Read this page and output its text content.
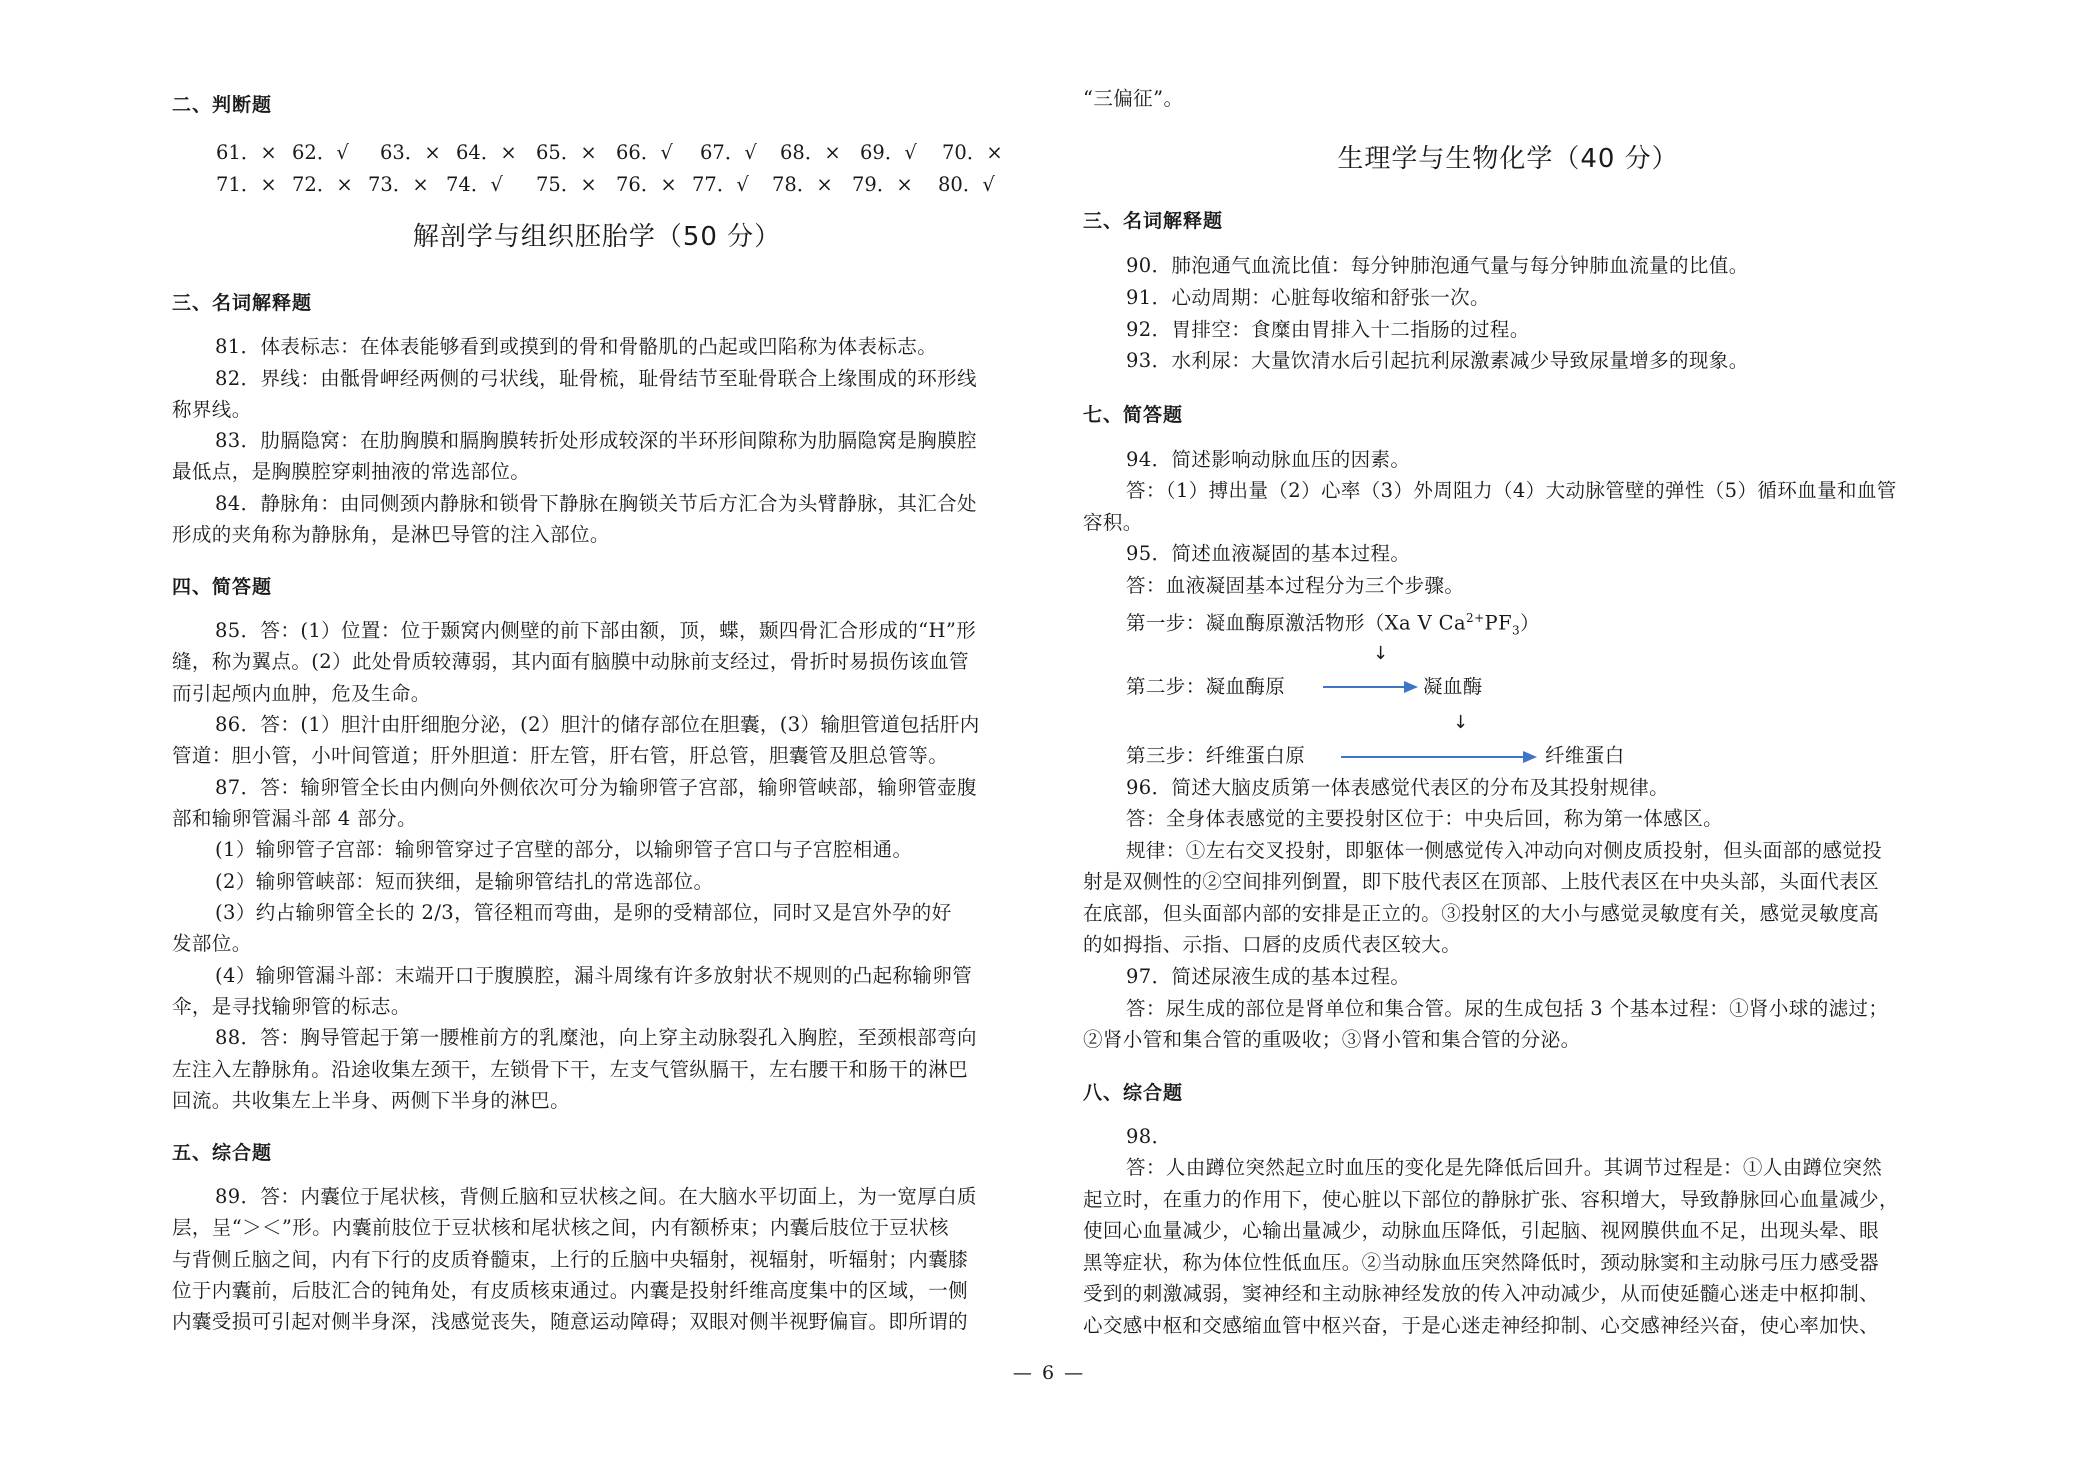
二、判断题
61．× 62．√ 63．× 64．× 65．× 66．√ 67．√ 68．× 69．√ 70．×
71．× 72．× 73．× 74．√ 75．× 76．× 77．√ 78．× 79．× 80．√
解剖学与组织胚胎学（50 分）
三、名词解释题
81．体表标志：在体表能够看到或摸到的骨和骨骼肌的凸起或凹陷称为体表标志。
82．界线：由骶骨岬经两侧的弓状线，耻骨梳，耻骨结节至耻骨联合上缘围成的环形线
称界线。
83．肋膈隐窝：在肋胸膜和膈胸膜转折处形成较深的半环形间隙称为肋膈隐窝是胸膜腔
最低点，是胸膜腔穿刺抽液的常选部位。
84．静脉角：由同侧颈内静脉和锁骨下静脉在胸锁关节后方汇合为头臂静脉，其汇合处
形成的夹角称为静脉角，是淋巴导管的注入部位。
四、简答题
85．答：(1）位置：位于颞窝内侧壁的前下部由额，顶，蝶，颞四骨汇合形成的“H”形
缝，称为翼点。(2）此处骨质较薄弱，其内面有脑膜中动脉前支经过，骨折时易损伤该血管
而引起颅内血肿，危及生命。
86．答：(1）胆汁由肝细胞分泌，(2）胆汁的储存部位在胆囊，(3）输胆管道包括肝内
管道：胆小管，小叶间管道；肝外胆道：肝左管，肝右管，肝总管，胆囊管及胆总管等。
87．答：输卵管全长由内侧向外侧依次可分为输卵管子宫部，输卵管峡部，输卵管壶腹
部和输卵管漏斗部 4 部分。
(1）输卵管子宫部：输卵管穿过子宫壁的部分，以输卵管子宫口与子宫腔相通。
(2）输卵管峡部：短而狭细，是输卵管结扎的常选部位。
(3）约占输卵管全长的 2/3，管径粗而弯曲，是卵的受精部位，同时又是宫外孕的好
发部位。
(4）输卵管漏斗部：末端开口于腹膜腔，漏斗周缘有许多放射状不规则的凸起称输卵管
伞，是寻找输卵管的标志。
88．答：胸导管起于第一腰椎前方的乳糜池，向上穿主动脉裂孔入胸腔，至颈根部弯向
左注入左静脉角。沿途收集左颈干，左锁骨下干，左支气管纵膈干，左右腰干和肠干的淋巴
回流。共收集左上半身、两侧下半身的淋巴。
五、综合题
89．答：内囊位于尾状核，背侧丘脑和豆状核之间。在大脑水平切面上，为一宽厚白质
层，呈“＞＜”形。内囊前肢位于豆状核和尾状核之间，内有额桥束；内囊后肢位于豆状核
与背侧丘脑之间，内有下行的皮质脊髓束，上行的丘脑中央辐射，视辐射，听辐射；内囊膝
位于内囊前，后肢汇合的钝角处，有皮质核束通过。内囊是投射纤维高度集中的区域，一侧
内囊受损可引起对侧半身深，浅感觉丧失，随意运动障碍；双眼对侧半视野偏盲。即所谓的
“三偏征”。
生理学与生物化学（40 分）
三、名词解释题
90．肺泡通气血流比值：每分钟肺泡通气量与每分钟肺血流量的比值。
91．心动周期：心脏每收缩和舒张一次。
92．胃排空：食糜由胃排入十二指肠的过程。
93．水利尿：大量饮清水后引起抗利尿激素减少导致尿量增多的现象。
七、简答题
94．简述影响动脉血压的因素。
答：（1）搏出量（2）心率（3）外周阻力（4）大动脉管壁的弹性（5）循环血量和血管
容积。
95．简述血液凝固的基本过程。
答：血液凝固基本过程分为三个步骤。
第一步：凝血酶原激活物形（Xa V $Ca^{2+}PF_3$）
↓
第二步：凝血酶原	凝血酶
↓
第三步：纤维蛋白原	纤维蛋白
96．简述大脑皮质第一体表感觉代表区的分布及其投射规律。
答：全身体表感觉的主要投射区位于：中央后回，称为第一体感区。
规律：①左右交叉投射，即躯体一侧感觉传入冲动向对侧皮质投射，但头面部的感觉投
射是双侧性的②空间排列倒置，即下肢代表区在顶部、上肢代表区在中央头部，头面代表区
在底部，但头面部内部的安排是正立的。③投射区的大小与感觉灵敏度有关，感觉灵敏度高
的如拇指、示指、口唇的皮质代表区较大。
97．简述尿液生成的基本过程。
答：尿生成的部位是肾单位和集合管。尿的生成包括 3 个基本过程：①肾小球的滤过；
②肾小管和集合管的重吸收；③肾小管和集合管的分泌。
八、综合题
98．
答：人由蹲位突然起立时血压的变化是先降低后回升。其调节过程是：①人由蹲位突然
起立时，在重力的作用下，使心脏以下部位的静脉扩张、容积增大，导致静脉回心血量减少，
使回心血量减少，心输出量减少，动脉血压降低，引起脑、视网膜供血不足，出现头晕、眼
黑等症状，称为体位性低血压。②当动脉血压突然降低时，颈动脉窦和主动脉弓压力感受器
受到的刺激减弱，窦神经和主动脉神经发放的传入冲动减少，从而使延髓心迷走中枢抑制、
心交感中枢和交感缩血管中枢兴奋，于是心迷走神经抑制、心交感神经兴奋，使心率加快、
— 6 —
